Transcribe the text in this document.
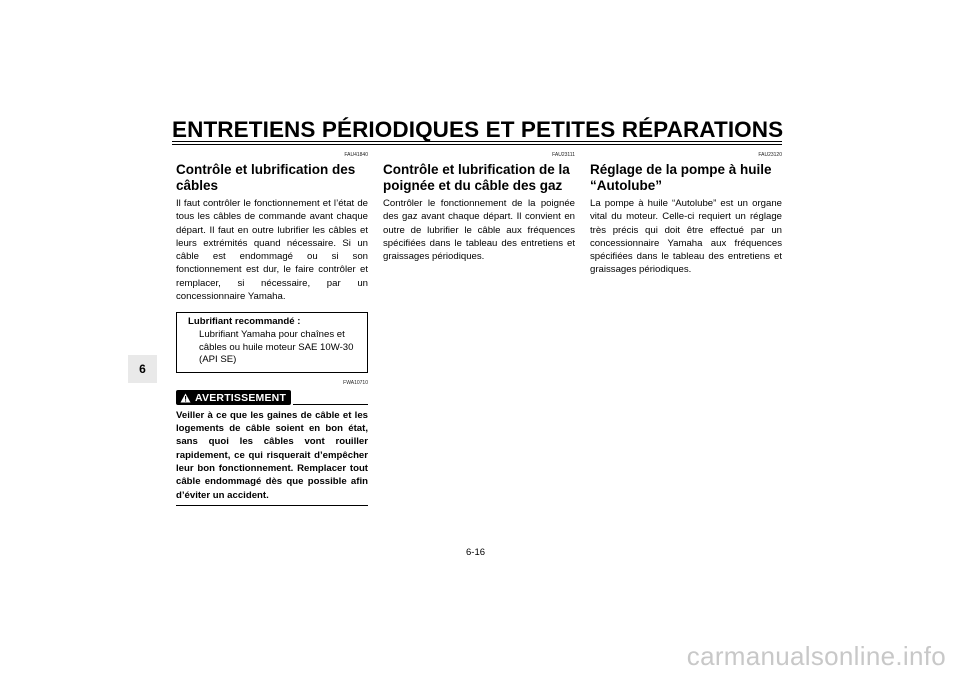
ENTRETIENS PÉRIODIQUES ET PETITES RÉPARATIONS
6
FAU41840
Contrôle et lubrification des câbles

Il faut contrôler le fonctionnement et l’état de tous les câbles de commande avant chaque départ. Il faut en outre lubrifier les câbles et leurs extrémités quand nécessaire. Si un câble est endommagé ou si son fonctionnement est dur, le faire contrôler et remplacer, si nécessaire, par un concessionnaire Yamaha.

Lubrifiant recommandé :
Lubrifiant Yamaha pour chaînes et câbles ou huile moteur SAE 10W-30 (API SE)
FWA10710
AVERTISSEMENT

Veiller à ce que les gaines de câble et les logements de câble soient en bon état, sans quoi les câbles vont rouiller rapidement, ce qui risquerait d’empêcher leur bon fonctionnement. Remplacer tout câble endommagé dès que possible afin d’éviter un accident.

FAU23111
Contrôle et lubrification de la poignée et du câble des gaz

Contrôler le fonctionnement de la poignée des gaz avant chaque départ. Il convient en outre de lubrifier le câble aux fréquences spécifiées dans le tableau des entretiens et graissages périodiques.

FAU23120
Réglage de la pompe à huile “Autolube”

La pompe à huile “Autolube” est un organe vital du moteur. Celle-ci requiert un réglage très précis qui doit être effectué par un concessionnaire Yamaha aux fréquences spécifiées dans le tableau des entretiens et graissages périodiques.

6-16
carmanualsonline.info
